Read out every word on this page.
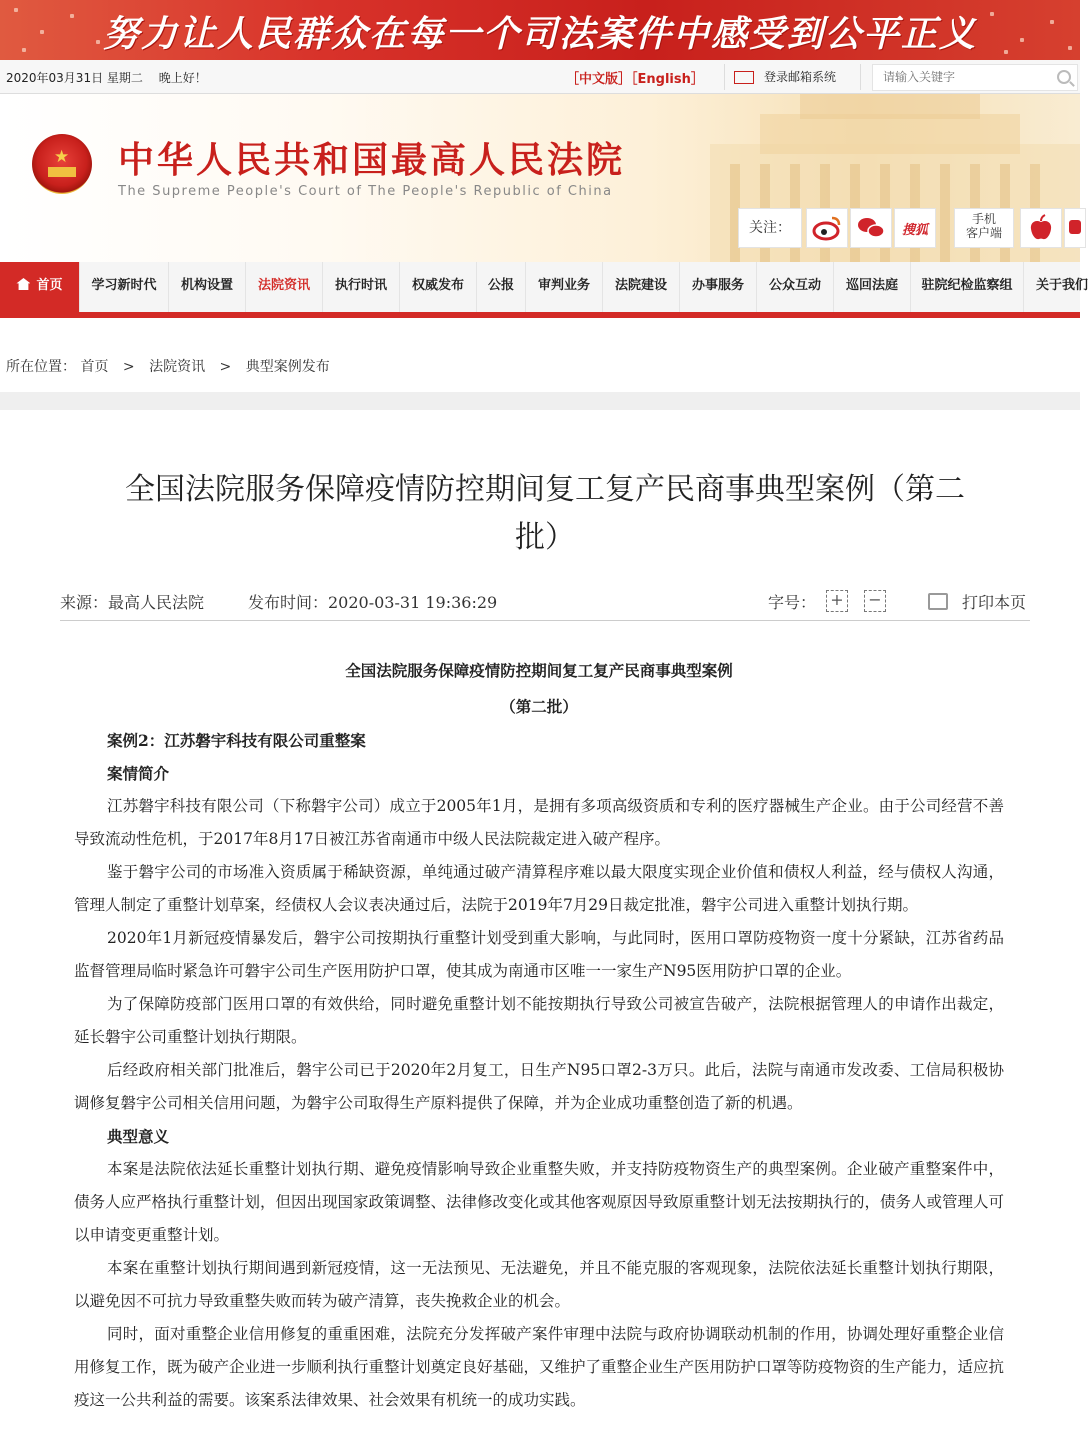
努力让人民群众在每一个司法案件中感受到公平正义
2020年03月31日 星期二 　晚上好！	［中文版］［English］	登录邮箱系统
请输入关键字
★ 中华人民共和国最高人民法院
The Supreme People's Court of The People's Republic of China
关注：	搜狐
手机
客户端
首页	学习新时代	机构设置	法院资讯	执行时讯	权威发布	公报	审判业务	法院建设	办事服务	公众互动	巡回法庭	驻院纪检监察组	关于我们
所在位置： 首页 > 法院资讯 > 典型案例发布
全国法院服务保障疫情防控期间复工复产民商事典型案例（第二批）
来源：最高人民法院	发布时间：2020-03-31 19:36:29	字号： + −	打印本页
全国法院服务保障疫情防控期间复工复产民商事典型案例
（第二批）

案例2：江苏磐宇科技有限公司重整案

案情简介

江苏磐宇科技有限公司（下称磐宇公司）成立于2005年1月，是拥有多项高级资质和专利的医疗器械生产企业。由于公司经营不善导致流动性危机，于2017年8月17日被江苏省南通市中级人民法院裁定进入破产程序。

鉴于磐宇公司的市场准入资质属于稀缺资源，单纯通过破产清算程序难以最大限度实现企业价值和债权人利益，经与债权人沟通，管理人制定了重整计划草案，经债权人会议表决通过后，法院于2019年7月29日裁定批准，磐宇公司进入重整计划执行期。

2020年1月新冠疫情暴发后，磐宇公司按期执行重整计划受到重大影响，与此同时，医用口罩防疫物资一度十分紧缺，江苏省药品监督管理局临时紧急许可磐宇公司生产医用防护口罩，使其成为南通市区唯一一家生产N95医用防护口罩的企业。

为了保障防疫部门医用口罩的有效供给，同时避免重整计划不能按期执行导致公司被宣告破产，法院根据管理人的申请作出裁定，延长磐宇公司重整计划执行期限。

后经政府相关部门批准后，磐宇公司已于2020年2月复工，日生产N95口罩2-3万只。此后，法院与南通市发改委、工信局积极协调修复磐宇公司相关信用问题，为磐宇公司取得生产原料提供了保障，并为企业成功重整创造了新的机遇。

典型意义

本案是法院依法延长重整计划执行期、避免疫情影响导致企业重整失败，并支持防疫物资生产的典型案例。企业破产重整案件中，债务人应严格执行重整计划，但因出现国家政策调整、法律修改变化或其他客观原因导致原重整计划无法按期执行的，债务人或管理人可以申请变更重整计划。

本案在重整计划执行期间遇到新冠疫情，这一无法预见、无法避免，并且不能克服的客观现象，法院依法延长重整计划执行期限，以避免因不可抗力导致重整失败而转为破产清算，丧失挽救企业的机会。

同时，面对重整企业信用修复的重重困难，法院充分发挥破产案件审理中法院与政府协调联动机制的作用，协调处理好重整企业信用修复工作，既为破产企业进一步顺利执行重整计划奠定良好基础，又维护了重整企业生产医用防护口罩等防疫物资的生产能力，适应抗疫这一公共利益的需要。该案系法律效果、社会效果有机统一的成功实践。
